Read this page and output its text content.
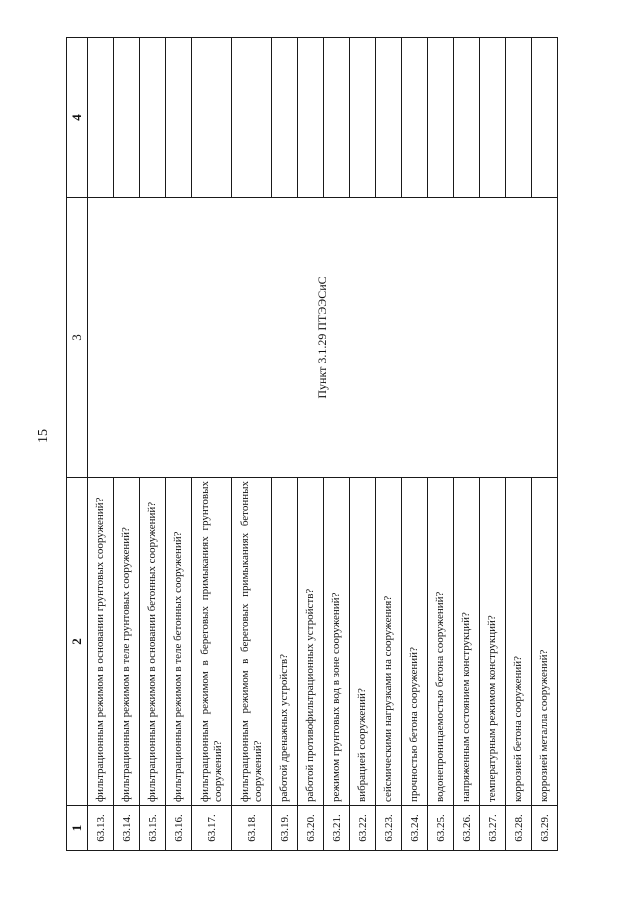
15
1	2	3	4
63.13.	фильтрационным режимом в основании грунтовых сооружений?	Пункт 3.1.29 ПТЭЭСиС	
63.14.	фильтрационным режимом в теле грунтовых сооружений?		
63.15.	фильтрационным режимом в основании бетонных сооружений?		
63.16.	фильтрационным режимом в теле бетонных сооружений?		
63.17.	фильтрационным режимом в береговых примыканиях грунтовых сооружений?		
63.18.	фильтрационным режимом в береговых примыканиях бетонных сооружений?		
63.19.	работой дренажных устройств?		
63.20.	работой противофильтрационных устройств?		
63.21.	режимом грунтовых вод в зоне сооружений?		
63.22.	вибрацией сооружений?		
63.23.	сейсмическими нагрузками на сооружения?		
63.24.	прочностью бетона сооружений?		
63.25.	водонепроницаемостью бетона сооружений?		
63.26.	напряженным состоянием конструкций?		
63.27.	температурным режимом конструкций?		
63.28.	коррозией бетона сооружений?		
63.29.	коррозией металла сооружений?		
